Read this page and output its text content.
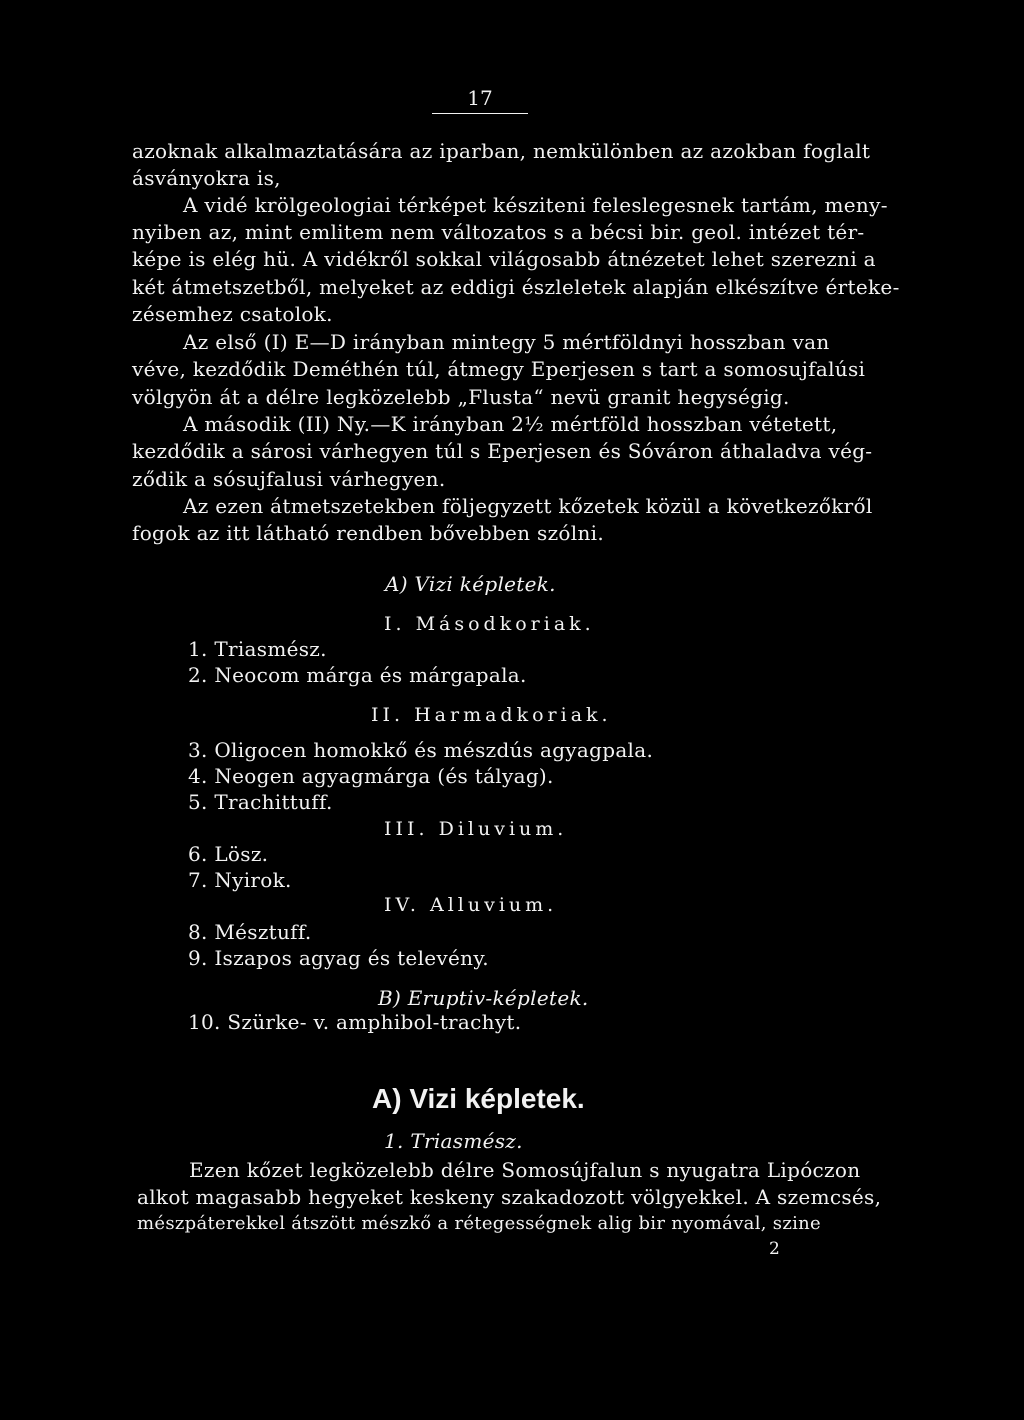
17
azoknak alkalmaztatására az iparban, nemkülönben az azokban foglalt
ásványokra is,
A vidé krölgeologiai térképet késziteni feleslegesnek tartám, meny-
nyiben az, mint emlitem nem változatos s a bécsi bir. geol. intézet tér-
képe is elég hü. A vidékről sokkal világosabb átnézetet lehet szerezni a
két átmetszetből, melyeket az eddigi észleletek alapján elkészítve érteke-
zésemhez csatolok.
Az első (I) E—D irányban mintegy 5 mértföldnyi hosszban van
véve, kezdődik Deméthén túl, átmegy Eperjesen s tart a somosujfalúsi
völgyön át a délre legközelebb „Flusta“ nevü granit hegységig.
A második (II) Ny.—K irányban 2½ mértföld hosszban vétetett,
kezdődik a sárosi várhegyen túl s Eperjesen és Sóváron áthaladva vég-
ződik a sósujfalusi várhegyen.
Az ezen átmetszetekben följegyzett kőzetek közül a következőkről
fogok az itt látható rendben bővebben szólni.
A) Vizi képletek.
I. Másodkoriak.
1. Triasmész.
2. Neocom márga és márgapala.
II. Harmadkoriak.
3. Oligocen homokkő és mészdús agyagpala.
4. Neogen agyagmárga (és tályag).
5. Trachittuff.
III. Diluvium.
6. Lösz.
7. Nyirok.
IV. Alluvium.
8. Mésztuff.
9. Iszapos agyag és televény.
B) Eruptiv-képletek.
10. Szürke- v. amphibol-trachyt.
A) Vizi képletek.
1. Triasmész.
Ezen kőzet legközelebb délre Somosújfalun s nyugatra Lipóczon
alkot magasabb hegyeket keskeny szakadozott völgyekkel. A szemcsés,
mészpáterekkel átszött mészkő a rétegességnek alig bir nyomával, szine
2
